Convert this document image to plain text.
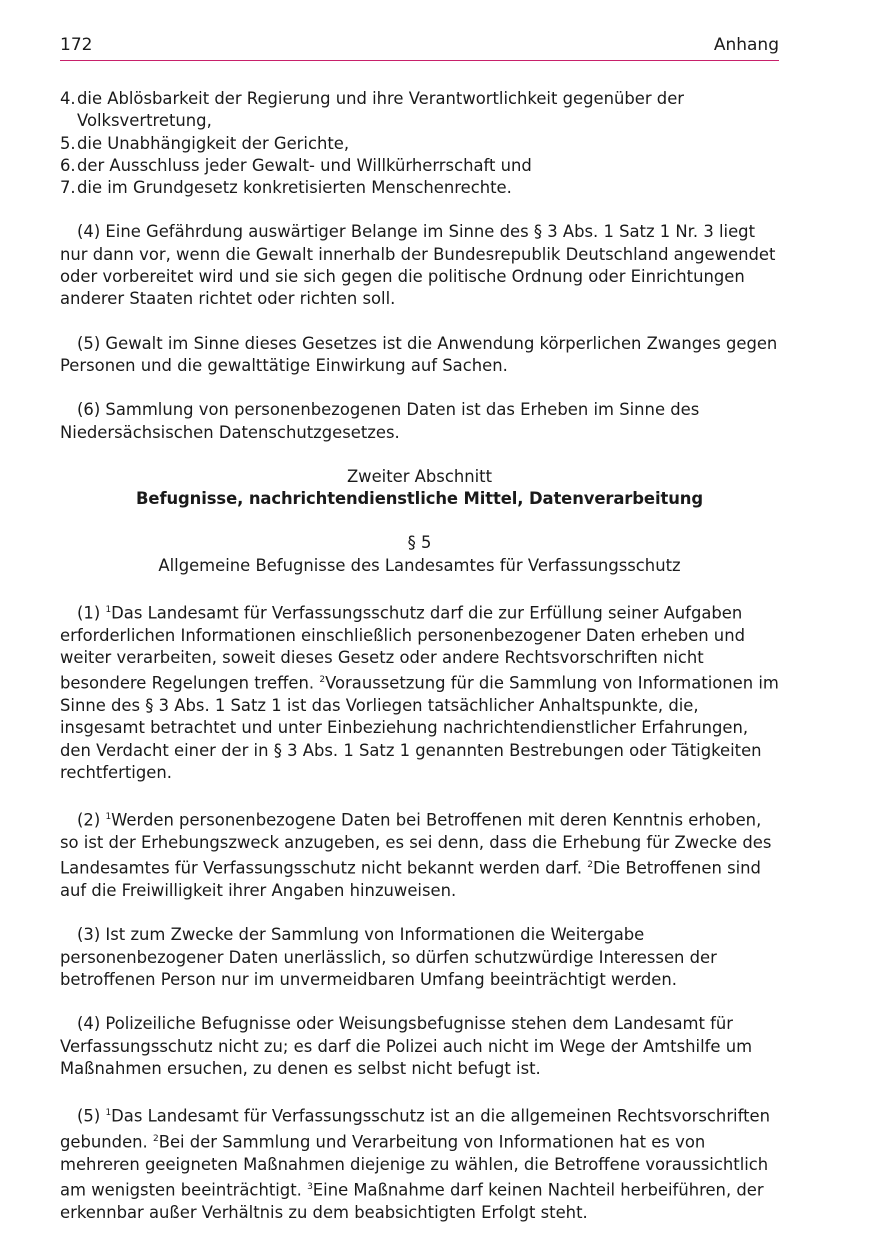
172	Anhang
4. die Ablösbarkeit der Regierung und ihre Verantwortlichkeit gegenüber der Volksvertretung,
5. die Unabhängigkeit der Gerichte,
6. der Ausschluss jeder Gewalt- und Willkürherrschaft und
7. die im Grundgesetz konkretisierten Menschenrechte.

(4) Eine Gefährdung auswärtiger Belange im Sinne des § 3 Abs. 1 Satz 1 Nr. 3 liegt nur dann vor, wenn die Gewalt innerhalb der Bundesrepublik Deutschland angewendet oder vorbereitet wird und sie sich gegen die politische Ordnung oder Einrichtungen anderer Staaten richtet oder richten soll.

(5) Gewalt im Sinne dieses Gesetzes ist die Anwendung körperlichen Zwanges gegen Personen und die gewalttätige Einwirkung auf Sachen.

(6) Sammlung von personenbezogenen Daten ist das Erheben im Sinne des Niedersächsischen Datenschutzgesetzes.

Zweiter Abschnitt

Befugnisse, nachrichtendienstliche Mittel, Datenverarbeitung

§ 5

Allgemeine Befugnisse des Landesamtes für Verfassungsschutz

(1) $^1$Das Landesamt für Verfassungsschutz darf die zur Erfüllung seiner Aufgaben erforderlichen Informationen einschließlich personenbezogener Daten erheben und weiter verarbeiten, soweit dieses Gesetz oder andere Rechtsvorschriften nicht besondere Regelungen treffen. $^2$Voraussetzung für die Sammlung von Informationen im Sinne des § 3 Abs. 1 Satz 1 ist das Vorliegen tatsächlicher Anhaltspunkte, die, insgesamt betrachtet und unter Einbeziehung nachrichtendienstlicher Erfahrungen, den Verdacht einer der in § 3 Abs. 1 Satz 1 genannten Bestrebungen oder Tätigkeiten rechtfertigen.

(2) $^1$Werden personenbezogene Daten bei Betroffenen mit deren Kenntnis erhoben, so ist der Erhebungszweck anzugeben, es sei denn, dass die Erhebung für Zwecke des Landesamtes für Verfassungsschutz nicht bekannt werden darf. $^2$Die Betroffenen sind auf die Freiwilligkeit ihrer Angaben hinzuweisen.

(3) Ist zum Zwecke der Sammlung von Informationen die Weitergabe personenbezogener Daten unerlässlich, so dürfen schutzwürdige Interessen der betroffenen Person nur im unvermeidbaren Umfang beeinträchtigt werden.

(4) Polizeiliche Befugnisse oder Weisungsbefugnisse stehen dem Landesamt für Verfassungsschutz nicht zu; es darf die Polizei auch nicht im Wege der Amtshilfe um Maßnahmen ersuchen, zu denen es selbst nicht befugt ist.

(5) $^1$Das Landesamt für Verfassungsschutz ist an die allgemeinen Rechtsvorschriften gebunden. $^2$Bei der Sammlung und Verarbeitung von Informationen hat es von mehreren geeigneten Maßnahmen diejenige zu wählen, die Betroffene voraussichtlich am wenigsten beeinträchtigt. $^3$Eine Maßnahme darf keinen Nachteil herbeiführen, der erkennbar außer Verhältnis zu dem beabsichtigten Erfolgt steht.
